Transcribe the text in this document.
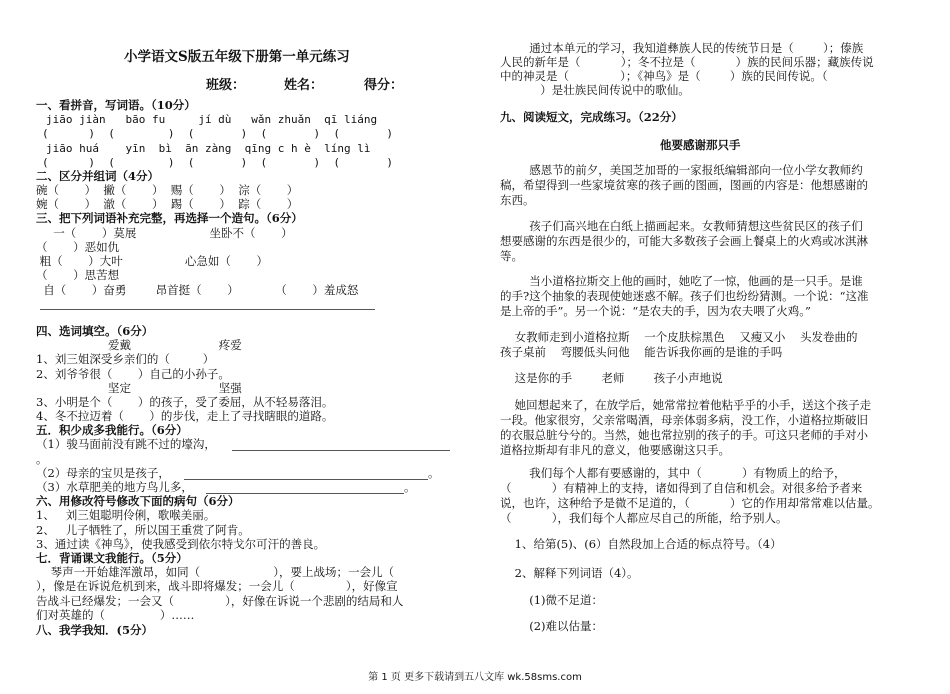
小学语文S版五年级下册第一单元练习
班级：	姓名：	得分：
一、看拼音，写词语。（10分）
jiāo jiàn   bāo fu     jí dù   wǎn zhuǎn  qī liáng
(      )  (        )  (       )  (       )  (       )
jiāo huá    yīn  bì  ān zàng  qīng c h è  líng lì
(      )  (        )  (       )  (       )  (       )
二、区分并组词（4分）
碗（       ）  撇（       ）  赐（       ）  淙（       ）
婉（       ）  澈（       ）  踢（       ）  踪（       ）
三、把下列词语补充完整，再选择一个造句。（6分）
一（       ）莫展                    坐卧不（       ）
（       ）恶如仇
粗（       ）大叶                 心急如（       ）
（       ）思苦想
自（       ）奋勇        昂首挺（       ）          （       ）羞成怒
四、选词填空。（6分）
爱戴                        疼爱
1、刘三姐深受乡亲们的（         ）
2、刘爷爷很（       ）自己的小孙子。
坚定                        坚强
3、小明是个（       ）的孩子，受了委屈，从不轻易落泪。
4、冬不拉迈着（       ）的步伐，走上了寻找瞎眼的道路。
五．积少成多我能行。（6分）
（1）骏马面前没有跳不过的壕沟，
。
（2）母亲的宝贝是孩子，	。
（3）水草肥美的地方鸟儿多，	。
六、用修改符号修改下面的病句（6分）
1、   刘三姐聪明伶俐，歌喉美丽。
2、   儿子牺牲了，所以国王重赏了阿肯。
3、通过读《神鸟》，使我感受到依尔特戈尔可汗的善良。
七．背诵课文我能行。（5分）
琴声一开始雄浑激昂，如同（                    ），要上战场；一会儿（
），像是在诉说危机到来，战斗即将爆发；一会儿（              ），好像宣
告战斗已经爆发；一会又（              ），好像在诉说一个悲剧的结局和人
们对英雄的（               ）……
八、我学我知．(5分）
通过本单元的学习，我知道彝族人民的传统节日是（        ）；傣族
人民的新年是（           ）；冬不拉是（           ）族的民间乐器；藏族传说
中的神灵是（              ）；《神鸟》是（        ）族的民间传说。（
）是壮族民间传说中的歌仙。
九、阅读短文，完成练习。（22分）
他要感谢那只手
感恩节的前夕，美国芝加哥的一家报纸编辑部向一位小学女教师约
稿，希望得到一些家境贫寒的孩子画的图画，图画的内容是：他想感谢的
东西。
孩子们高兴地在白纸上描画起来。女教师猜想这些贫民区的孩子们
想要感谢的东西是很少的，可能大多数孩子会画上餐桌上的火鸡或冰淇淋
等。
当小道格拉斯交上他的画时，她吃了一惊，他画的是一只手。是谁
的手?这个抽象的表现使她迷惑不解。孩子们也纷纷猜测。一个说：“这准
是上帝的手”。另一个说：“是农夫的手，因为农夫喂了火鸡。”
女教师走到小道格拉斯    一个皮肤棕黑色    又瘦又小    头发卷曲的
孩子桌前    弯腰低头问他    能告诉我你画的是谁的手吗
这是你的手        老师        孩子小声地说
她回想起来了，在放学后，她常常拉着他粘乎乎的小手，送这个孩子走
一段。他家很穷，父亲常喝酒，母亲体弱多病，没工作，小道格拉斯破旧
的衣服总脏兮兮的。当然，她也常拉别的孩子的手。可这只老师的手对小
道格拉斯却有非凡的意义，他要感谢这只手。
我们每个人都有要感谢的，其中（           ）有物质上的给予，
（           ）有精神上的支持，诸如得到了自信和机会。对很多给予者来
说，也许，这种给予是微不足道的，（           ）它的作用却常常难以估量。
（           ），我们每个人都应尽自己的所能，给予别人。
1、给第(5)、(6）自然段加上合适的标点符号。（4）
2、解释下列词语（4）。
(1)微不足道：
(2)难以估量：
第 1 页 更多下载请到五八文库 wk.58sms.com
